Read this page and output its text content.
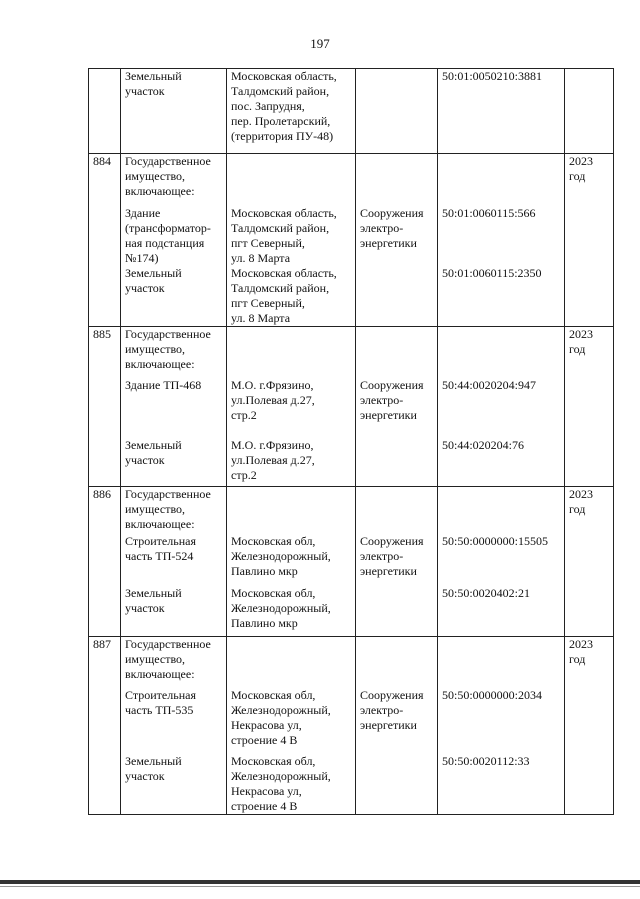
197
	Земельный
участок	Московская область,
Талдомский район,
пос. Запрудня,
пер. Пролетарский,
(территория ПУ-48)		50:01:0050210:3881	
884	Государственное
имущество,
включающее:				2023
год
	Здание
(трансформатор-
ная подстанция
№174)	Московская область,
Талдомский район,
пгт Северный,
ул. 8 Марта	Сооружения
электро-
энергетики	50:01:0060115:566	
	Земельный
участок	Московская область,
Талдомский район,
пгт Северный,
ул. 8 Марта		50:01:0060115:2350	
885	Государственное
имущество,
включающее:				2023
год
	Здание ТП-468	М.О. г.Фрязино,
ул.Полевая д.27,
стр.2	Сооружения
электро-
энергетики	50:44:0020204:947	
	Земельный
участок	М.О. г.Фрязино,
ул.Полевая д.27,
стр.2		50:44:020204:76	
886	Государственное
имущество,
включающее:				2023
год
	Строительная
часть ТП-524	Московская обл,
Железнодорожный,
Павлино мкр	Сооружения
электро-
энергетики	50:50:0000000:15505	
	Земельный
участок	Московская обл,
Железнодорожный,
Павлино мкр		50:50:0020402:21	
887	Государственное
имущество,
включающее:				2023
год
	Строительная
часть ТП-535	Московская обл,
Железнодорожный,
Некрасова ул,
строение 4 В	Сооружения
электро-
энергетики	50:50:0000000:2034	
	Земельный
участок	Московская обл,
Железнодорожный,
Некрасова ул,
строение 4 В		50:50:0020112:33	
